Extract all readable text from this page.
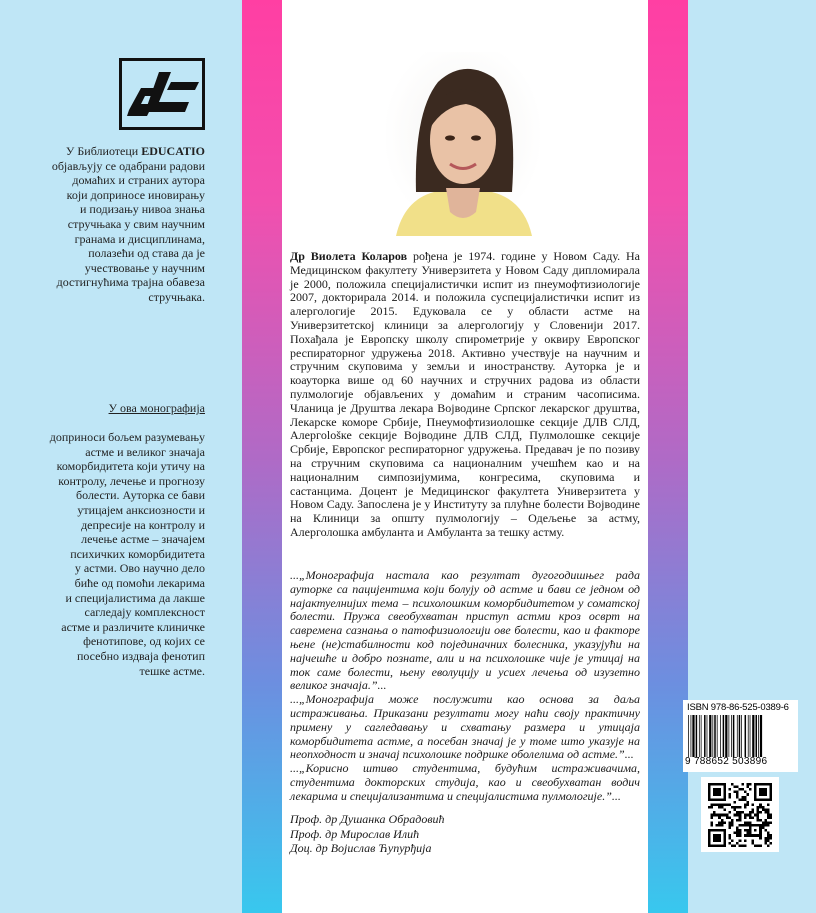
У Библиотеци EDUCATIO
објављују се одабрани радови
домаћих и страних аутора
који доприносе иновирању
и подизању нивоа знања
стручњака у свим научним
гранама и дисциплинама,
полазећи од става да је
учествовање у научним
достигнућима трајна обавеза
стручњака.
У ова монографија
доприноси бољем разумевању
астме и великог значаја
коморбидитета који утичу на
контролу, лечење и прогнозу
болести. Ауторка се бави
утицајем анксиозности и
депресије на контролу и
лечење астме – значајем
психичких коморбидитета
у астми. Ово научно дело
биће од помоћи лекарима
и специјалистима да лакше
сагледају комплексност
астме и различите клиничке
фенотипове, од којих се
посебно издваја фенотип
тешке астме.
Др Виолета Коларов рођена је 1974. године у Новом Саду. На Медицинском факултету Универзитета у Новом Саду дипломирала је 2000, положила специјалистички испит из пнеумофтизиологије 2007, докторирала 2014. и положила суспецијалистички испит из алергологије 2015. Едуковала се у области астме на Универзитетској клиници за алергологију у Словенији 2017. Похађала је Европску школу спирометрије у оквиру Европског респираторног удружења 2018. Активно учествује на научним и стручним скуповима у земљи и иностранству. Ауторка је и коауторка више од 60 научних и стручних радова из области пулмологије објављених у домаћим и страним часописима. Чланица је Друштва лекара Војводине Српског лекарског друштва, Лекарске коморе Србије, Пнеумофтизиолошке секције ДЛВ СЛД, Алергološке секције Војводине ДЛВ СЛД, Пулмолошке секције Србије, Европског респираторног удружења. Предавач је по позиву на стручним скуповима са националним учешћем као и на националним симпозијумима, конгресима, скуповима и састанцима. Доцент је Медицинског факултета Универзитета у Новом Саду. Запослена је у Институту за плућне болести Војводине на Клиници за општу пулмологију – Одељење за астму, Алерголошка амбуланта и Амбуланта за тешку астму.

...„Монографија настала као резултат дугогодишњег рада ауторке са пацијентима који болују од астме и бави се једном од најактуелнијих тема – психолошким коморбидитетом у соматској болести. Пружа свеобухватан приступ астми кроз осврт на савремена сазнања о патофизиологији ове болести, као и факторе њене (не)стабилности код појединачних болесника, указујући на најчешће и добро познате, али и на психолошке чије је утицај на ток саме болести, њену еволуцију и усиех лечења од изузетно великог значаја.”...

...„Монографија може послужити као основа за даља истраживања. Приказани резултати могу наћи своју практичну примену у сагледавању и схватању размера и утицаја коморбидитета астме, а посебан значај је у томе што указује на неопходност и значај психолошке подршке оболелима од астме.”...

...„Корисно штиво студентима, будућим истраживачима, студентима докторских студија, као и свеобухватан водич лекарима и специјализантима и специјалистима пулмологије.”...

Проф. др Душанка Обрадовић
Проф. др Мирослав Илић
Доц. др Војислав Ћупурђија
ISBN 978-86-525-0389-6
9 788652 503896
